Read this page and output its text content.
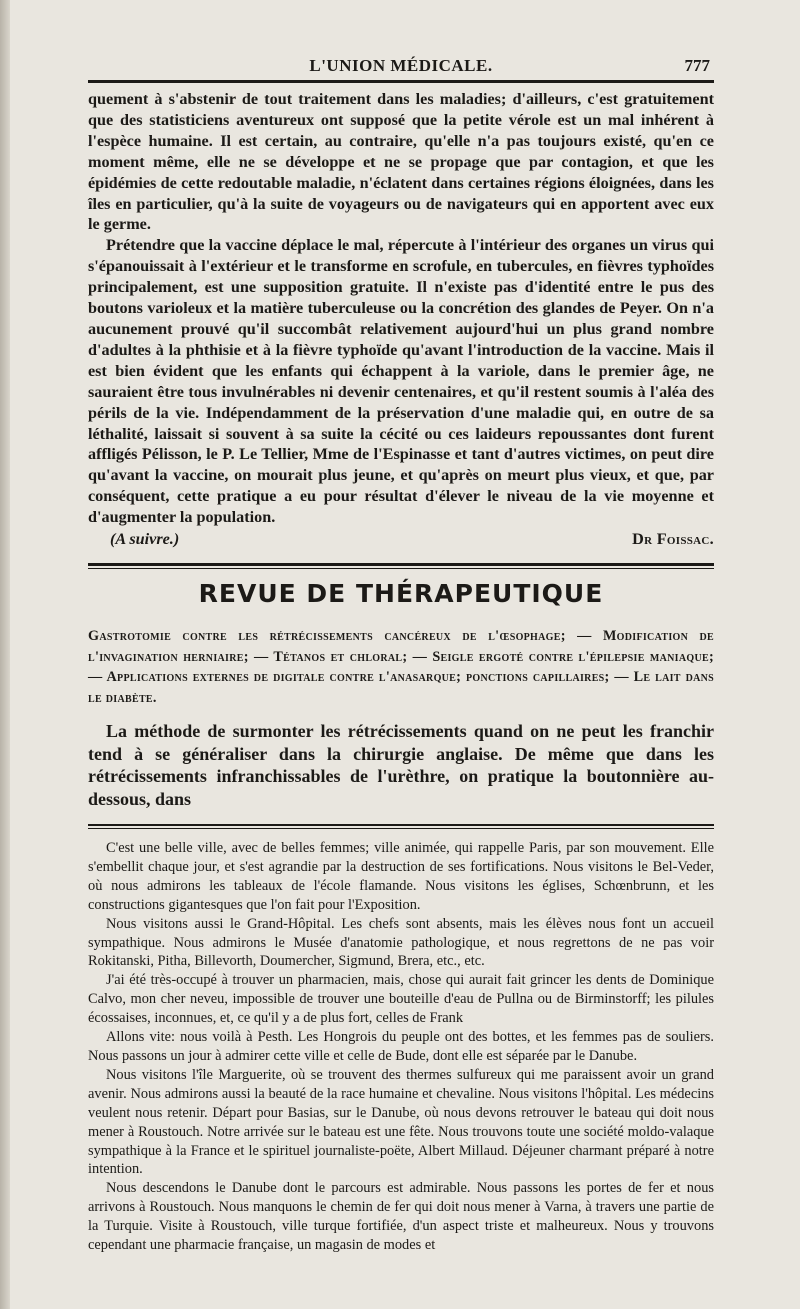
L'UNION MÉDICALE.	777

quement à s'abstenir de tout traitement dans les maladies; d'ailleurs, c'est gratuitement que des statisticiens aventureux ont supposé que la petite vérole est un mal inhérent à l'espèce humaine. Il est certain, au contraire, qu'elle n'a pas toujours existé, qu'en ce moment même, elle ne se développe et ne se propage que par contagion, et que les épidémies de cette redoutable maladie, n'éclatent dans certaines régions éloignées, dans les îles en particulier, qu'à la suite de voyageurs ou de navigateurs qui en apportent avec eux le germe.

Prétendre que la vaccine déplace le mal, répercute à l'intérieur des organes un virus qui s'épanouissait à l'extérieur et le transforme en scrofule, en tubercules, en fièvres typhoïdes principalement, est une supposition gratuite. Il n'existe pas d'identité entre le pus des boutons varioleux et la matière tuberculeuse ou la concrétion des glandes de Peyer. On n'a aucunement prouvé qu'il succombât relativement aujourd'hui un plus grand nombre d'adultes à la phthisie et à la fièvre typhoïde qu'avant l'introduction de la vaccine. Mais il est bien évident que les enfants qui échappent à la variole, dans le premier âge, ne sauraient être tous invulnérables ni devenir centenaires, et qu'il restent soumis à l'aléa des périls de la vie. Indépendamment de la préservation d'une maladie qui, en outre de sa léthalité, laissait si souvent à sa suite la cécité ou ces laideurs repoussantes dont furent affligés Pélisson, le P. Le Tellier, Mme de l'Espinasse et tant d'autres victimes, on peut dire qu'avant la vaccine, on mourait plus jeune, et qu'après on meurt plus vieux, et que, par conséquent, cette pratique a eu pour résultat d'élever le niveau de la vie moyenne et d'augmenter la population.

(A suivre.)	Dr Foissac.
REVUE DE THÉRAPEUTIQUE
Gastrotomie contre les rétrécissements cancéreux de l'œsophage; — Modification de l'invagination herniaire; — Tétanos et chloral; — Seigle ergoté contre l'épilepsie maniaque; — Applications externes de digitale contre l'anasarque; ponctions capillaires; — Le lait dans le diabète.
La méthode de surmonter les rétrécissements quand on ne peut les franchir tend à se généraliser dans la chirurgie anglaise. De même que dans les rétrécissements infranchissables de l'urèthre, on pratique la boutonnière au-dessous, dans

C'est une belle ville, avec de belles femmes; ville animée, qui rappelle Paris, par son mouvement. Elle s'embellit chaque jour, et s'est agrandie par la destruction de ses fortifications. Nous visitons le Bel-Veder, où nous admirons les tableaux de l'école flamande. Nous visitons les églises, Schœnbrunn, et les constructions gigantesques que l'on fait pour l'Exposition.

Nous visitons aussi le Grand-Hôpital. Les chefs sont absents, mais les élèves nous font un accueil sympathique. Nous admirons le Musée d'anatomie pathologique, et nous regrettons de ne pas voir Rokitanski, Pitha, Billevorth, Doumercher, Sigmund, Brera, etc., etc.

J'ai été très-occupé à trouver un pharmacien, mais, chose qui aurait fait grincer les dents de Dominique Calvo, mon cher neveu, impossible de trouver une bouteille d'eau de Pullna ou de Birminstorff; les pilules écossaises, inconnues, et, ce qu'il y a de plus fort, celles de Frank

Allons vite: nous voilà à Pesth. Les Hongrois du peuple ont des bottes, et les femmes pas de souliers. Nous passons un jour à admirer cette ville et celle de Bude, dont elle est séparée par le Danube.

Nous visitons l'île Marguerite, où se trouvent des thermes sulfureux qui me paraissent avoir un grand avenir. Nous admirons aussi la beauté de la race humaine et chevaline. Nous visitons l'hôpital. Les médecins veulent nous retenir. Départ pour Basias, sur le Danube, où nous devons retrouver le bateau qui doit nous mener à Roustouch. Notre arrivée sur le bateau est une fête. Nous trouvons toute une société moldo-valaque sympathique à la France et le spirituel journaliste-poëte, Albert Millaud. Déjeuner charmant préparé à notre intention.

Nous descendons le Danube dont le parcours est admirable. Nous passons les portes de fer et nous arrivons à Roustouch. Nous manquons le chemin de fer qui doit nous mener à Varna, à travers une partie de la Turquie. Visite à Roustouch, ville turque fortifiée, d'un aspect triste et malheureux. Nous y trouvons cependant une pharmacie française, un magasin de modes et
